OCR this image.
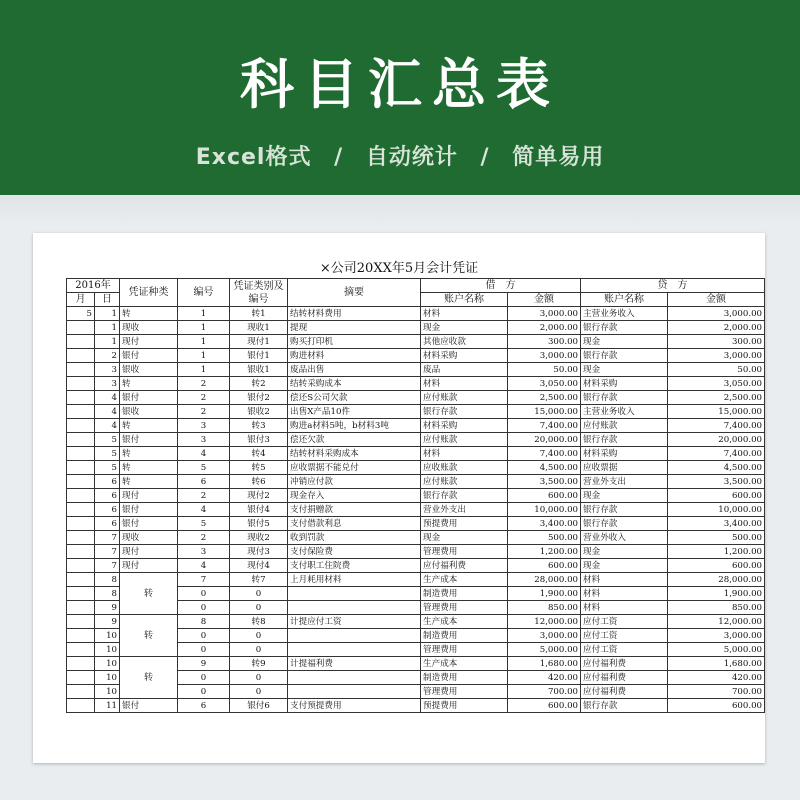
科目汇总表
Excel格式 / 自动统计 / 简单易用
×公司20XX年5月会计凭证
2016年		凭证种类	编号	凭证类别及编号	摘要	借　方		贷　方	
月	日					账户名称	金额	账户名称	金额
5	1	转	1	转1	结转材料费用	材料	3,000.00	主营业务收入	3,000.00
	1	现收	1	现收1	提现	现金	2,000.00	银行存款	2,000.00
	1	现付	1	现付1	购买打印机	其他应收款	300.00	现金	300.00
	2	银付	1	银付1	购进材料	材料采购	3,000.00	银行存款	3,000.00
	3	银收	1	银收1	废品出售	废品	50.00	现金	50.00
	3	转	2	转2	结转采购成本	材料	3,050.00	材料采购	3,050.00
	4	银付	2	银付2	偿还S公司欠款	应付账款	2,500.00	银行存款	2,500.00
	4	银收	2	银收2	出售X产品10件	银行存款	15,000.00	主营业务收入	15,000.00
	4	转	3	转3	购进a材料5吨，b材料3吨	材料采购	7,400.00	应付账款	7,400.00
	5	银付	3	银付3	偿还欠款	应付账款	20,000.00	银行存款	20,000.00
	5	转	4	转4	结转材料采购成本	材料	7,400.00	材料采购	7,400.00
	5	转	5	转5	应收票据不能兑付	应收账款	4,500.00	应收票据	4,500.00
	6	转	6	转6	冲销应付款	应付账款	3,500.00	营业外支出	3,500.00
	6	现付	2	现付2	现金存入	银行存款	600.00	现金	600.00
	6	银付	4	银付4	支付捐赠款	营业外支出	10,000.00	银行存款	10,000.00
	6	银付	5	银付5	支付借款利息	预提费用	3,400.00	银行存款	3,400.00
	7	现收	2	现收2	收到罚款	现金	500.00	营业外收入	500.00
	7	现付	3	现付3	支付保险费	管理费用	1,200.00	现金	1,200.00
	7	现付	4	现付4	支付职工住院费	应付福利费	600.00	现金	600.00
	8	转	7	转7	上月耗用材料	生产成本	28,000.00	材料	28,000.00
	8		0	0		制造费用	1,900.00	材料	1,900.00
	9		0	0		管理费用	850.00	材料	850.00
	9	转	8	转8	计提应付工资	生产成本	12,000.00	应付工资	12,000.00
	10		0	0		制造费用	3,000.00	应付工资	3,000.00
	10		0	0		管理费用	5,000.00	应付工资	5,000.00
	10	转	9	转9	计提福利费	生产成本	1,680.00	应付福利费	1,680.00
	10		0	0		制造费用	420.00	应付福利费	420.00
	10		0	0		管理费用	700.00	应付福利费	700.00
	11	银付	6	银付6	支付预提费用	预提费用	600.00	银行存款	600.00
